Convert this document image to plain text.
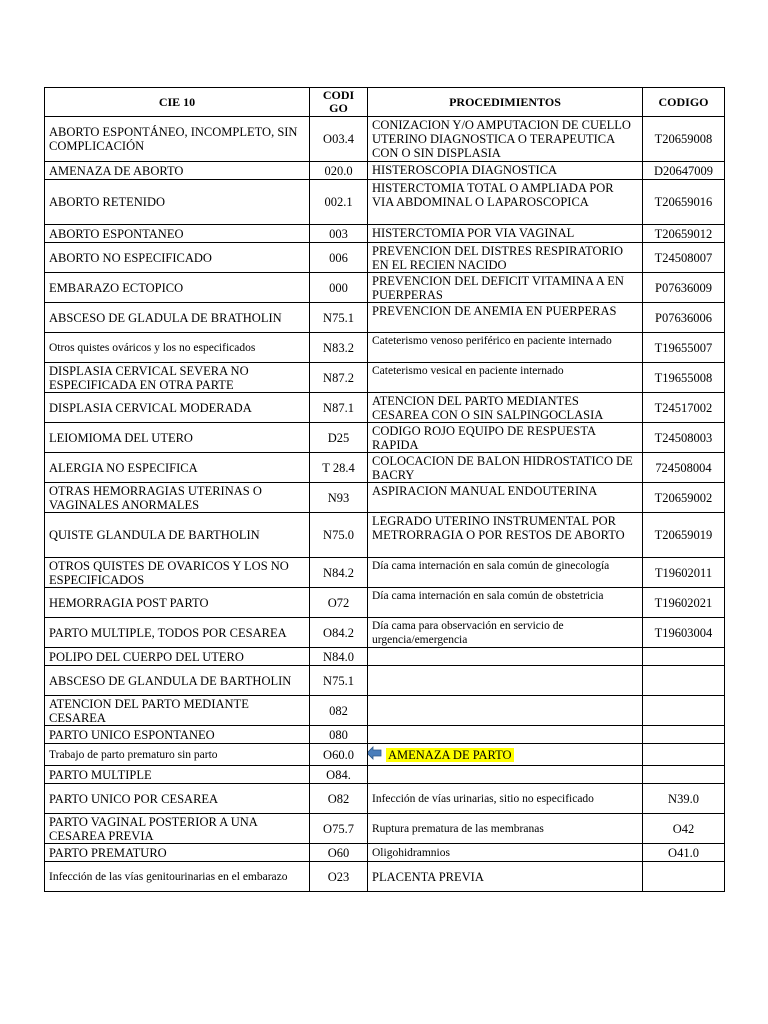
CIE 10	CODI GO	PROCEDIMIENTOS	CODIGO
ABORTO ESPONTÁNEO, INCOMPLETO, SIN COMPLICACIÓN	O03.4	CONIZACION Y/O AMPUTACION DE CUELLO UTERINO DIAGNOSTICA O TERAPEUTICA CON O SIN DISPLASIA	T20659008
AMENAZA DE ABORTO	020.0	HISTEROSCOPIA DIAGNOSTICA	D20647009
ABORTO RETENIDO	002.1	HISTERCTOMIA TOTAL O AMPLIADA POR VIA ABDOMINAL O LAPAROSCOPICA	T20659016
ABORTO ESPONTANEO	003	HISTERCTOMIA POR VIA VAGINAL	T20659012
ABORTO NO ESPECIFICADO	006	PREVENCION DEL DISTRES RESPIRATORIO EN EL RECIEN NACIDO	T24508007
EMBARAZO ECTOPICO	000	PREVENCION DEL DEFICIT VITAMINA A EN PUERPERAS	P07636009
ABSCESO DE GLADULA DE BRATHOLIN	N75.1	PREVENCION DE ANEMIA EN PUERPERAS	P07636006
Otros quistes ováricos y los no especificados	N83.2	Cateterismo venoso periférico en paciente internado	T19655007
DISPLASIA CERVICAL SEVERA NO ESPECIFICADA EN OTRA PARTE	N87.2	Cateterismo vesical en paciente internado	T19655008
DISPLASIA CERVICAL MODERADA	N87.1	ATENCION DEL PARTO MEDIANTES CESAREA CON O SIN SALPINGOCLASIA	T24517002
LEIOMIOMA DEL UTERO	D25	CODIGO ROJO EQUIPO DE RESPUESTA RAPIDA	T24508003
ALERGIA NO ESPECIFICA	T 28.4	COLOCACION DE BALON HIDROSTATICO DE BACRY	724508004
OTRAS HEMORRAGIAS UTERINAS O VAGINALES ANORMALES	N93	ASPIRACION MANUAL ENDOUTERINA	T20659002
QUISTE GLANDULA DE BARTHOLIN	N75.0	LEGRADO UTERINO INSTRUMENTAL POR METRORRAGIA O POR RESTOS DE ABORTO	T20659019
OTROS QUISTES DE OVARICOS Y LOS NO ESPECIFICADOS	N84.2	Día cama internación en sala común de ginecología	T19602011
HEMORRAGIA POST PARTO	O72	Día cama internación en sala común de obstetricia	T19602021
PARTO MULTIPLE, TODOS POR CESAREA	O84.2	Día cama para observación en servicio de urgencia/emergencia	T19603004
POLIPO DEL CUERPO DEL UTERO	N84.0		
ABSCESO DE GLANDULA DE BARTHOLIN	N75.1		
ATENCION DEL PARTO MEDIANTE CESAREA	082		
PARTO UNICO ESPONTANEO	080		
Trabajo de parto prematuro sin parto	O60.0	AMENAZA DE PARTO	

PARTO MULTIPLE	O84.		
PARTO UNICO POR CESAREA	O82	Infección de vías urinarias, sitio no especificado	N39.0
PARTO VAGINAL POSTERIOR A UNA CESAREA PREVIA	O75.7	Ruptura prematura de las membranas	O42
PARTO PREMATURO	O60	Oligohidramnios	O41.0
Infección de las vías genitourinarias en el embarazo	O23	PLACENTA PREVIA	
